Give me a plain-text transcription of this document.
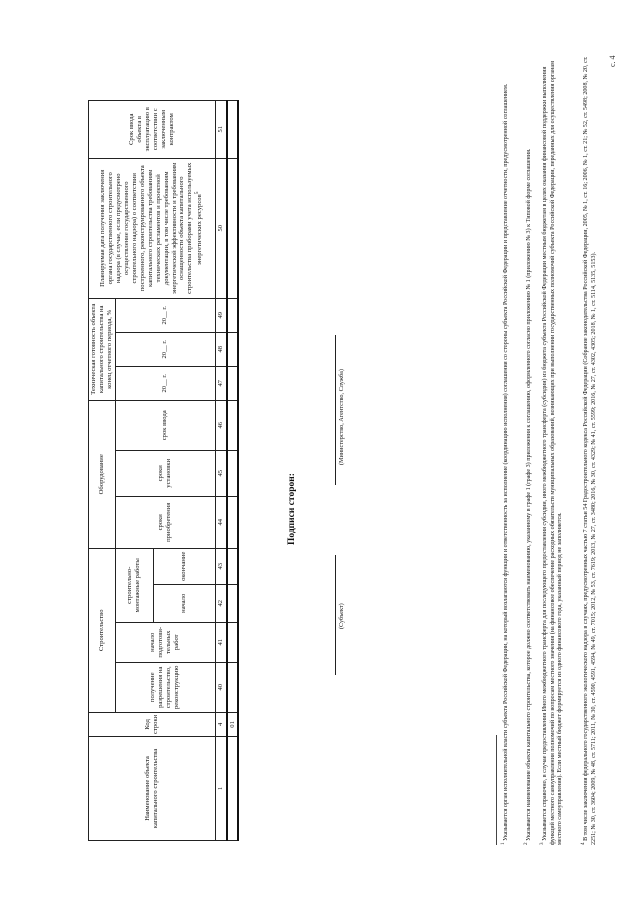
с. 4
Наименование объекта капитального строительства	Код строки	Строительство				Оборудование			Техническая готовность объекта капитального строительства на конец отчетного периода, %			Планируемая дата получения заключения органа государственного строительного надзора (в случае, если предусмотрено осуществление государственного строительного надзора) о соответствии построенного, реконструированного объекта капитального строительства требованиям технических регламентов и проектной документации, в том числе требованиям энергетической эффективности и требованиям оснащенности объекта капитального строительства приборами учета используемых энергетических ресурсов$^5$	Срок ввода объекта в эксплуатацию в соответствии с заключенным контрактом
		получение разрешения на строительство, реконструкцию	начало подготови-тельных работ	строительно-монтажные работы		сроки приобретения	сроки установки	срок ввода	20__ г.	20__ г.	20__ г.		
				начало	окончание								

1	4	40	41	42	43	44	45	46	47	48	49	50	51
	01												
Подписи сторон:
(Субъект)
(Министерство, Агентство, Служба)
$^1$ Указывается орган исполнительной власти субъекта Российской Федерации, на который возлагаются функции и ответственность за исполнение (координацию исполнения) соглашения со стороны субъекта Российской Федерации и представление отчетности, предусмотренной соглашением.
$^2$ Указывается наименование объекта капитального строительства, которое должно соответствовать наименованию, указанному в графе 1 (графе 3) приложения к соглашению, оформленного согласно приложению № 1 (приложению № 3) к Типовой форме соглашения.
$^3$ Указывается справочно, в случае предоставления Иного межбюджетного трансферта для последующего предоставления субсидии, иного межбюджетного трансферта (субсидии) из бюджета субъекта Российской Федерации местным бюджетам в целях оказания финансовой поддержки выполнения функций местного самоуправления полномочий по вопросам местного значения (на финансовое обеспечение расходных обязательств муниципальных образований, возникающих при выполнении государственных полномочий субъекта Российской Федерации, переданных для осуществления органам местного самоуправления). Если местный бюджет формируется из одного финансового года, указанный период не заполняется.	$^4$ В том числе заключения федерального государственного экологического надзора в случаях, предусмотренных частью 7 статьи 54 Градостроительного кодекса Российской Федерации (Собрание законодательства Российской Федерации, 2005, № 1, ст. 16; 2006, № 1, ст. 21; № 52, ст. 5498; 2008, № 20, ст. 2251; № 30, ст. 3604; 2009, № 48, ст. 5711; 2011, № 30, ст. 4590, 4591, 4594, № 49, ст. 7015; 2012, № 53, ст. 7619; 2013, № 27, ст. 3480; 2016, № 30, ст. 4329; № 41, ст. 5599; 2016, № 27, ст. 4302, 4305; 2018, № 1, ст. 5114, 5135, 5153).
